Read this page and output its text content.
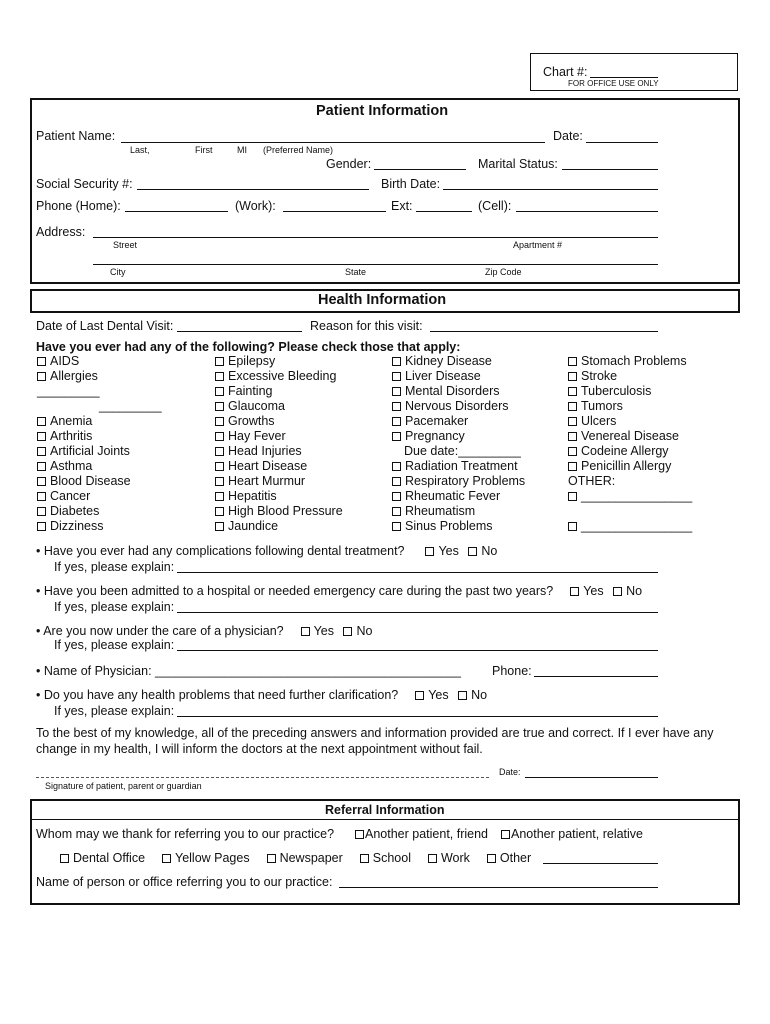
Chart #:
FOR OFFICE USE ONLY
Patient Information
Patient Name:	Date:
Last,	First	MI (Preferred Name)
Gender:	Marital Status:
Social Security #:	Birth Date:
Phone (Home):	(Work):	Ext:	(Cell):
Address:
Street	Apartment #
City	State	Zip Code
Health Information
Date of Last Dental Visit:	Reason for this visit:
Have you ever had any of the following? Please check those that apply:
AIDS
Allergies
_________
_________
Anemia
Arthritis
Artificial Joints
Asthma
Blood Disease
Cancer
Diabetes
Dizziness
Epilepsy
Excessive Bleeding
Fainting
Glaucoma
Growths
Hay Fever
Head Injuries
Heart Disease
Heart Murmur
Hepatitis
High Blood Pressure
Jaundice
Kidney Disease
Liver Disease
Mental Disorders
Nervous Disorders
Pacemaker
Pregnancy
Due date:_________
Radiation Treatment
Respiratory Problems
Rheumatic Fever
Rheumatism
Sinus Problems
Stomach Problems
Stroke
Tuberculosis
Tumors
Ulcers
Venereal Disease
Codeine Allergy
Penicillin Allergy
OTHER:
________________
________________
• Have you ever had any complications following dental treatment?	Yes No
If yes, please explain:
• Have you been admitted to a hospital or needed emergency care during the past two years? Yes No
If yes, please explain:
• Are you now under the care of a physician? Yes No
If yes, please explain:
• Name of Physician: ____________________________________________ Phone:
• Do you have any health problems that need further clarification? Yes No
If yes, please explain:
To the best of my knowledge, all of the preceding answers and information provided are true and correct. If I ever have any change in my health, I will inform the doctors at the next appointment without fail.
Date:
Signature of patient, parent or guardian
Referral Information
Whom may we thank for referring you to our practice? Another patient, friend Another patient, relative
Dental Office Yellow Pages Newspaper School Work Other
Name of person or office referring you to our practice:
